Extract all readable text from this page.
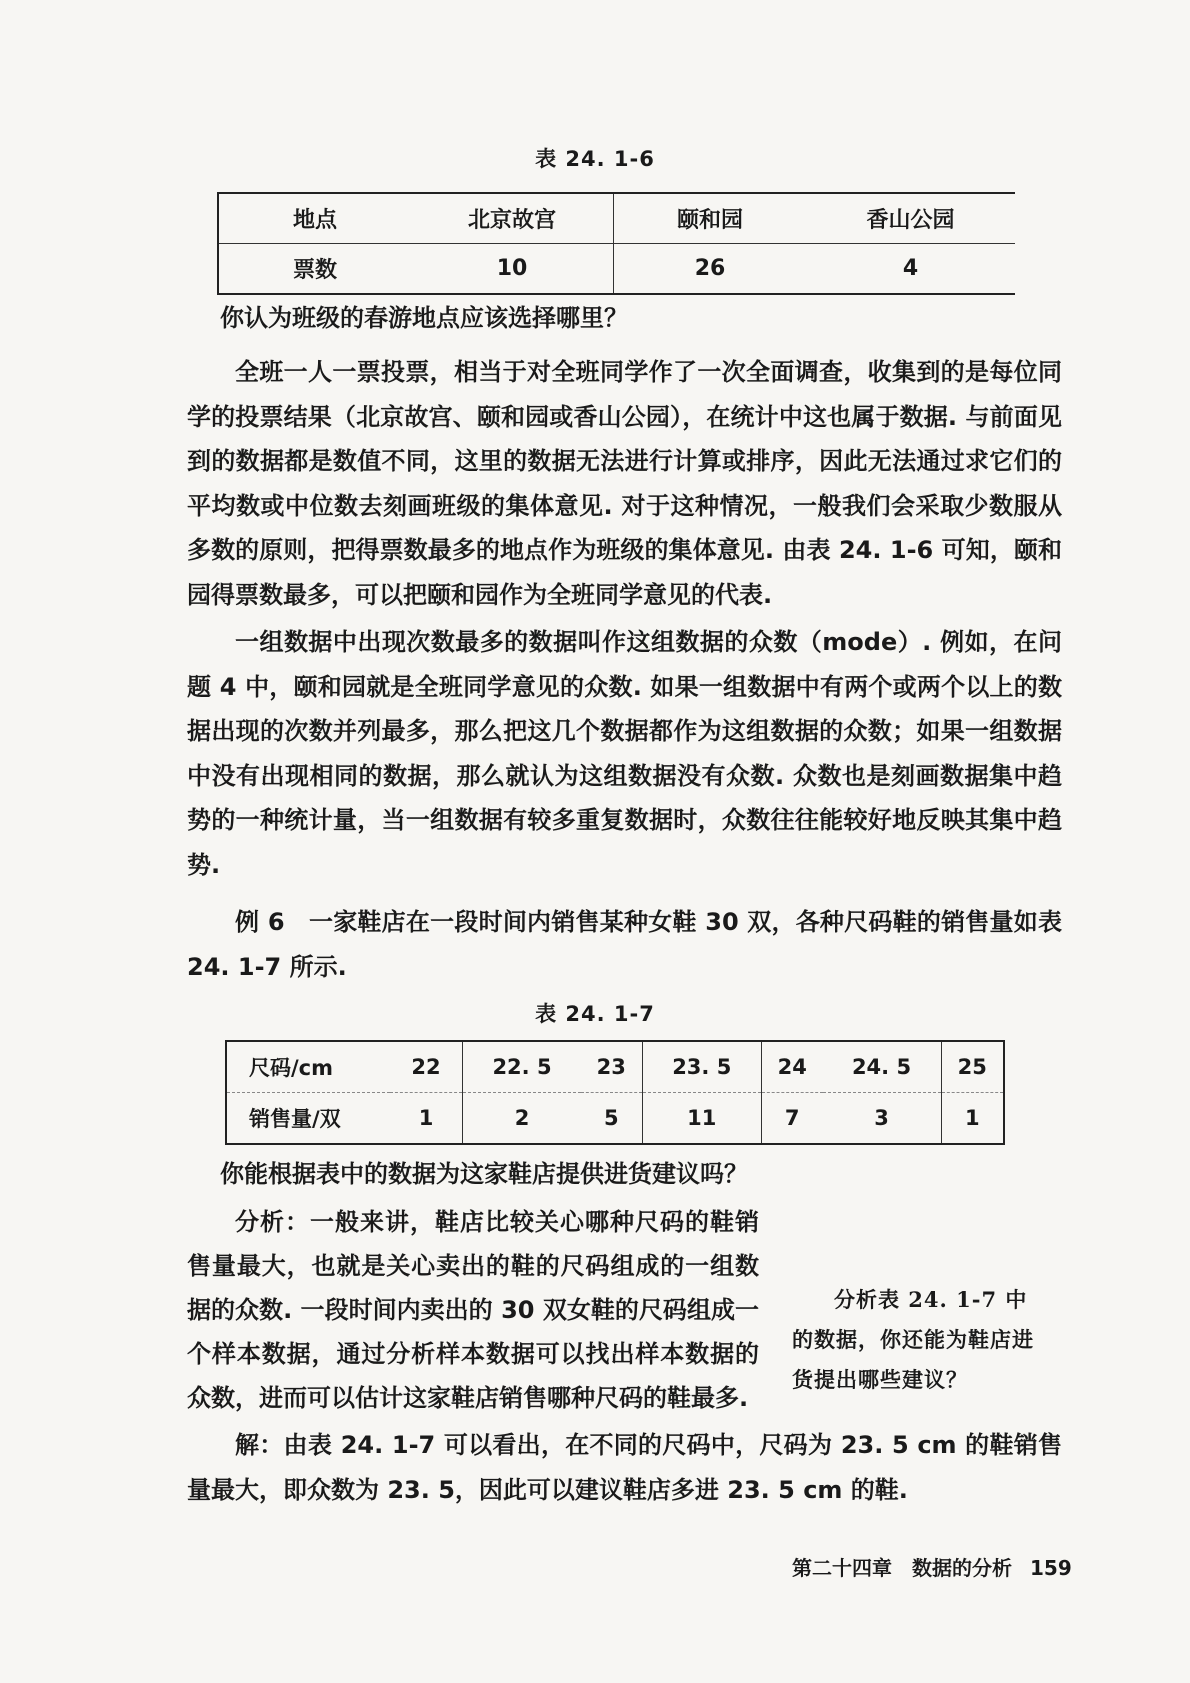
表 24. 1-6
地点	北京故宫	颐和园	香山公园
票数	10	26	4
你认为班级的春游地点应该选择哪里？
全班一人一票投票，相当于对全班同学作了一次全面调查，收集到的是每位同学的投票结果（北京故宫、颐和园或香山公园），在统计中这也属于数据. 与前面见到的数据都是数值不同，这里的数据无法进行计算或排序，因此无法通过求它们的平均数或中位数去刻画班级的集体意见. 对于这种情况，一般我们会采取少数服从多数的原则，把得票数最多的地点作为班级的集体意见. 由表 24. 1-6 可知，颐和园得票数最多，可以把颐和园作为全班同学意见的代表.
一组数据中出现次数最多的数据叫作这组数据的众数（mode）. 例如，在问题 4 中，颐和园就是全班同学意见的众数. 如果一组数据中有两个或两个以上的数据出现的次数并列最多，那么把这几个数据都作为这组数据的众数；如果一组数据中没有出现相同的数据，那么就认为这组数据没有众数. 众数也是刻画数据集中趋势的一种统计量，当一组数据有较多重复数据时，众数往往能较好地反映其集中趋势.
例 6　一家鞋店在一段时间内销售某种女鞋 30 双，各种尺码鞋的销售量如表 24. 1-7 所示.
表 24. 1-7
尺码/cm	22	22. 5	23	23. 5	24	24. 5	25
销售量/双	1	2	5	11	7	3	1
你能根据表中的数据为这家鞋店提供进货建议吗？
分析：一般来讲，鞋店比较关心哪种尺码的鞋销售量最大，也就是关心卖出的鞋的尺码组成的一组数据的众数. 一段时间内卖出的 30 双女鞋的尺码组成一个样本数据，通过分析样本数据可以找出样本数据的众数，进而可以估计这家鞋店销售哪种尺码的鞋最多.
分析表 24. 1-7 中的数据，你还能为鞋店进货提出哪些建议？
解：由表 24. 1-7 可以看出，在不同的尺码中，尺码为 23. 5 cm 的鞋销售量最大，即众数为 23. 5，因此可以建议鞋店多进 23. 5 cm 的鞋.
第二十四章　数据的分析 159
